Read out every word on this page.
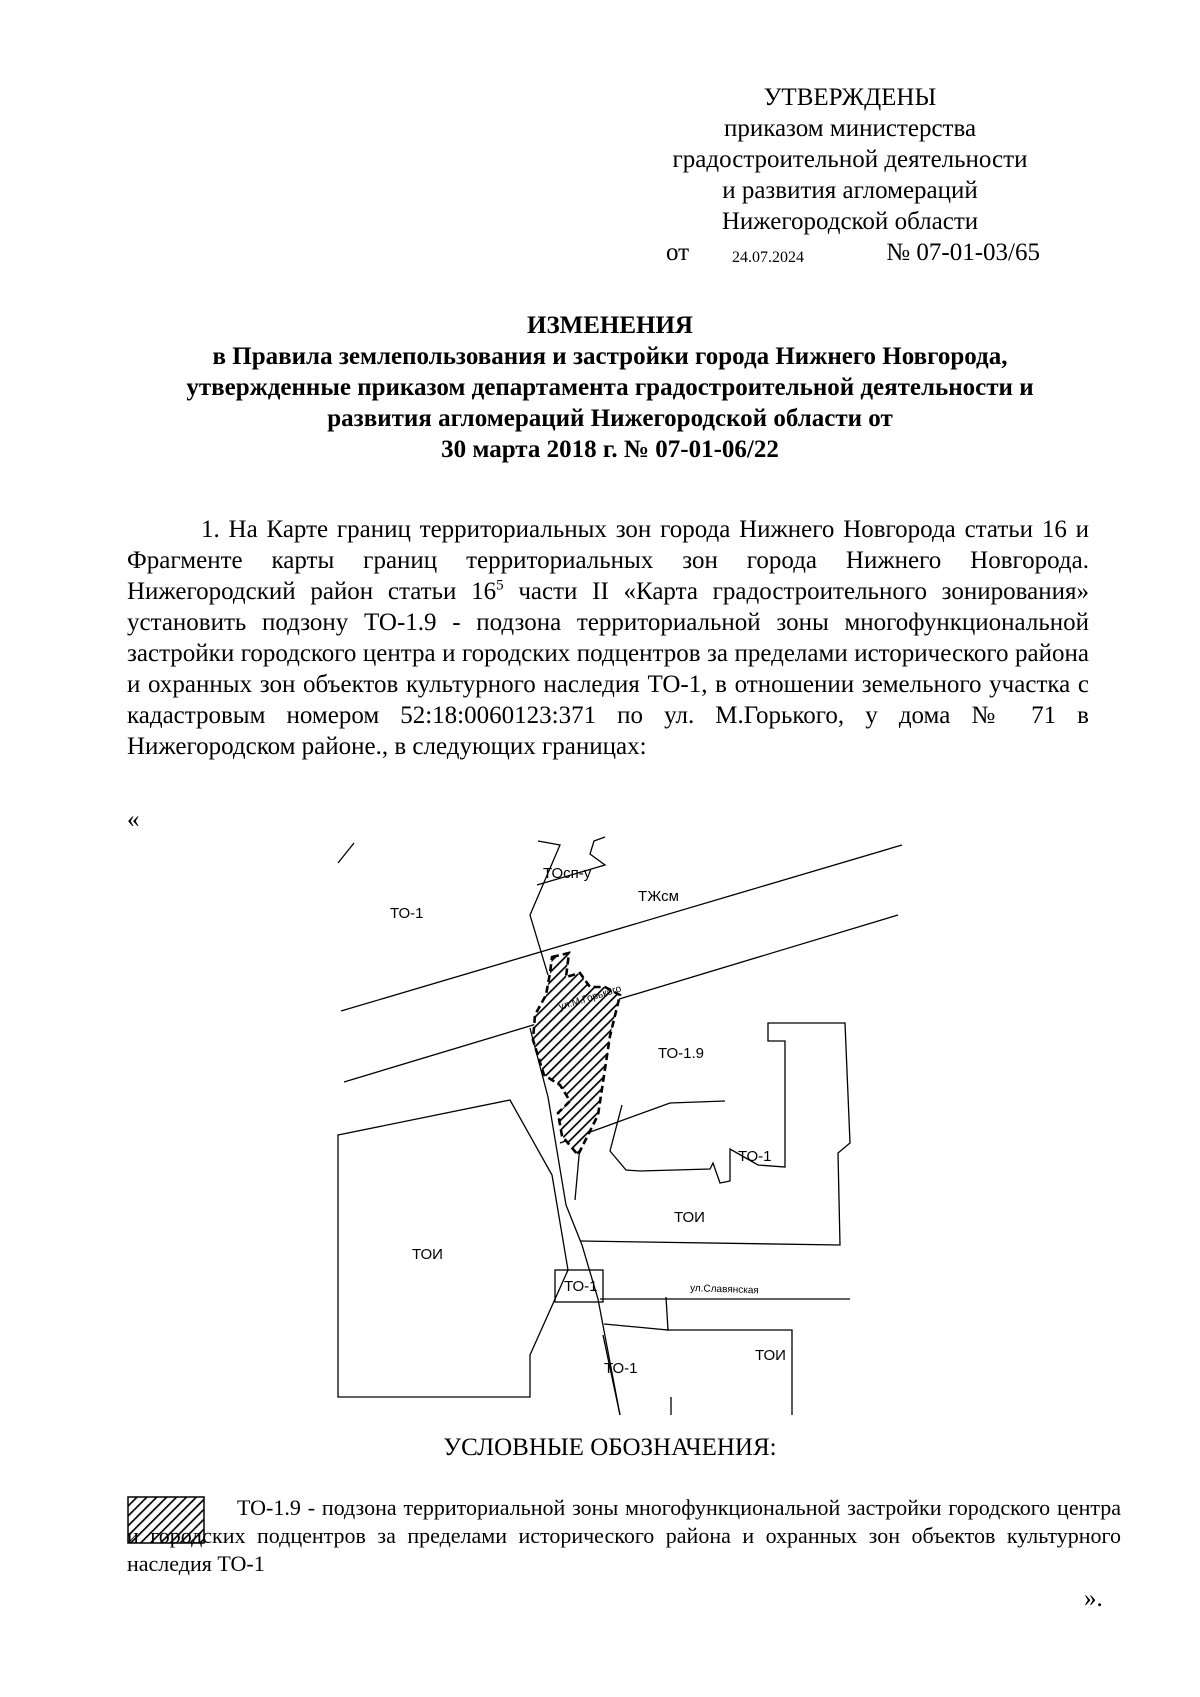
УТВЕРЖДЕНЫ
приказом министерства
градостроительной деятельности
и развития агломераций
Нижегородской области
от	24.07.2024	№ 07-01-03/65
ИЗМЕНЕНИЯ
в Правила землепользования и застройки города Нижнего Новгорода,
утвержденные приказом департамента градостроительной деятельности и
развития агломераций Нижегородской области от
30 марта 2018 г. № 07-01-06/22
1. На Карте границ территориальных зон города Нижнего Новгорода статьи 16 и Фрагменте карты границ территориальных зон города Нижнего Новгорода. Нижегородский район статьи $16^5$ части II «Карта градостроительного зонирования» установить подзону ТО-1.9 - подзона территориальной зоны многофункциональной застройки городского центра и городских подцентров за пределами исторического района и охранных зон объектов культурного наследия ТО-1, в отношении земельного участка с кадастровым номером 52:18:0060123:371 по ул. М.Горького, у дома № 71 в Нижегородском районе., в следующих границах:
«
ТОсп-у
ТЖсм
ТО-1
ул.М.Горького
ТО-1.9
ТО-1
ТОИ
ТОИ
ТО-1	ул.Славянская
ТО-1
ТОИ
УСЛОВНЫЕ ОБОЗНАЧЕНИЯ:
ТО-1.9 - подзона территориальной зоны многофункциональной застройки городского центра и городских подцентров за пределами исторического района и охранных зон объектов культурного наследия ТО-1
».
